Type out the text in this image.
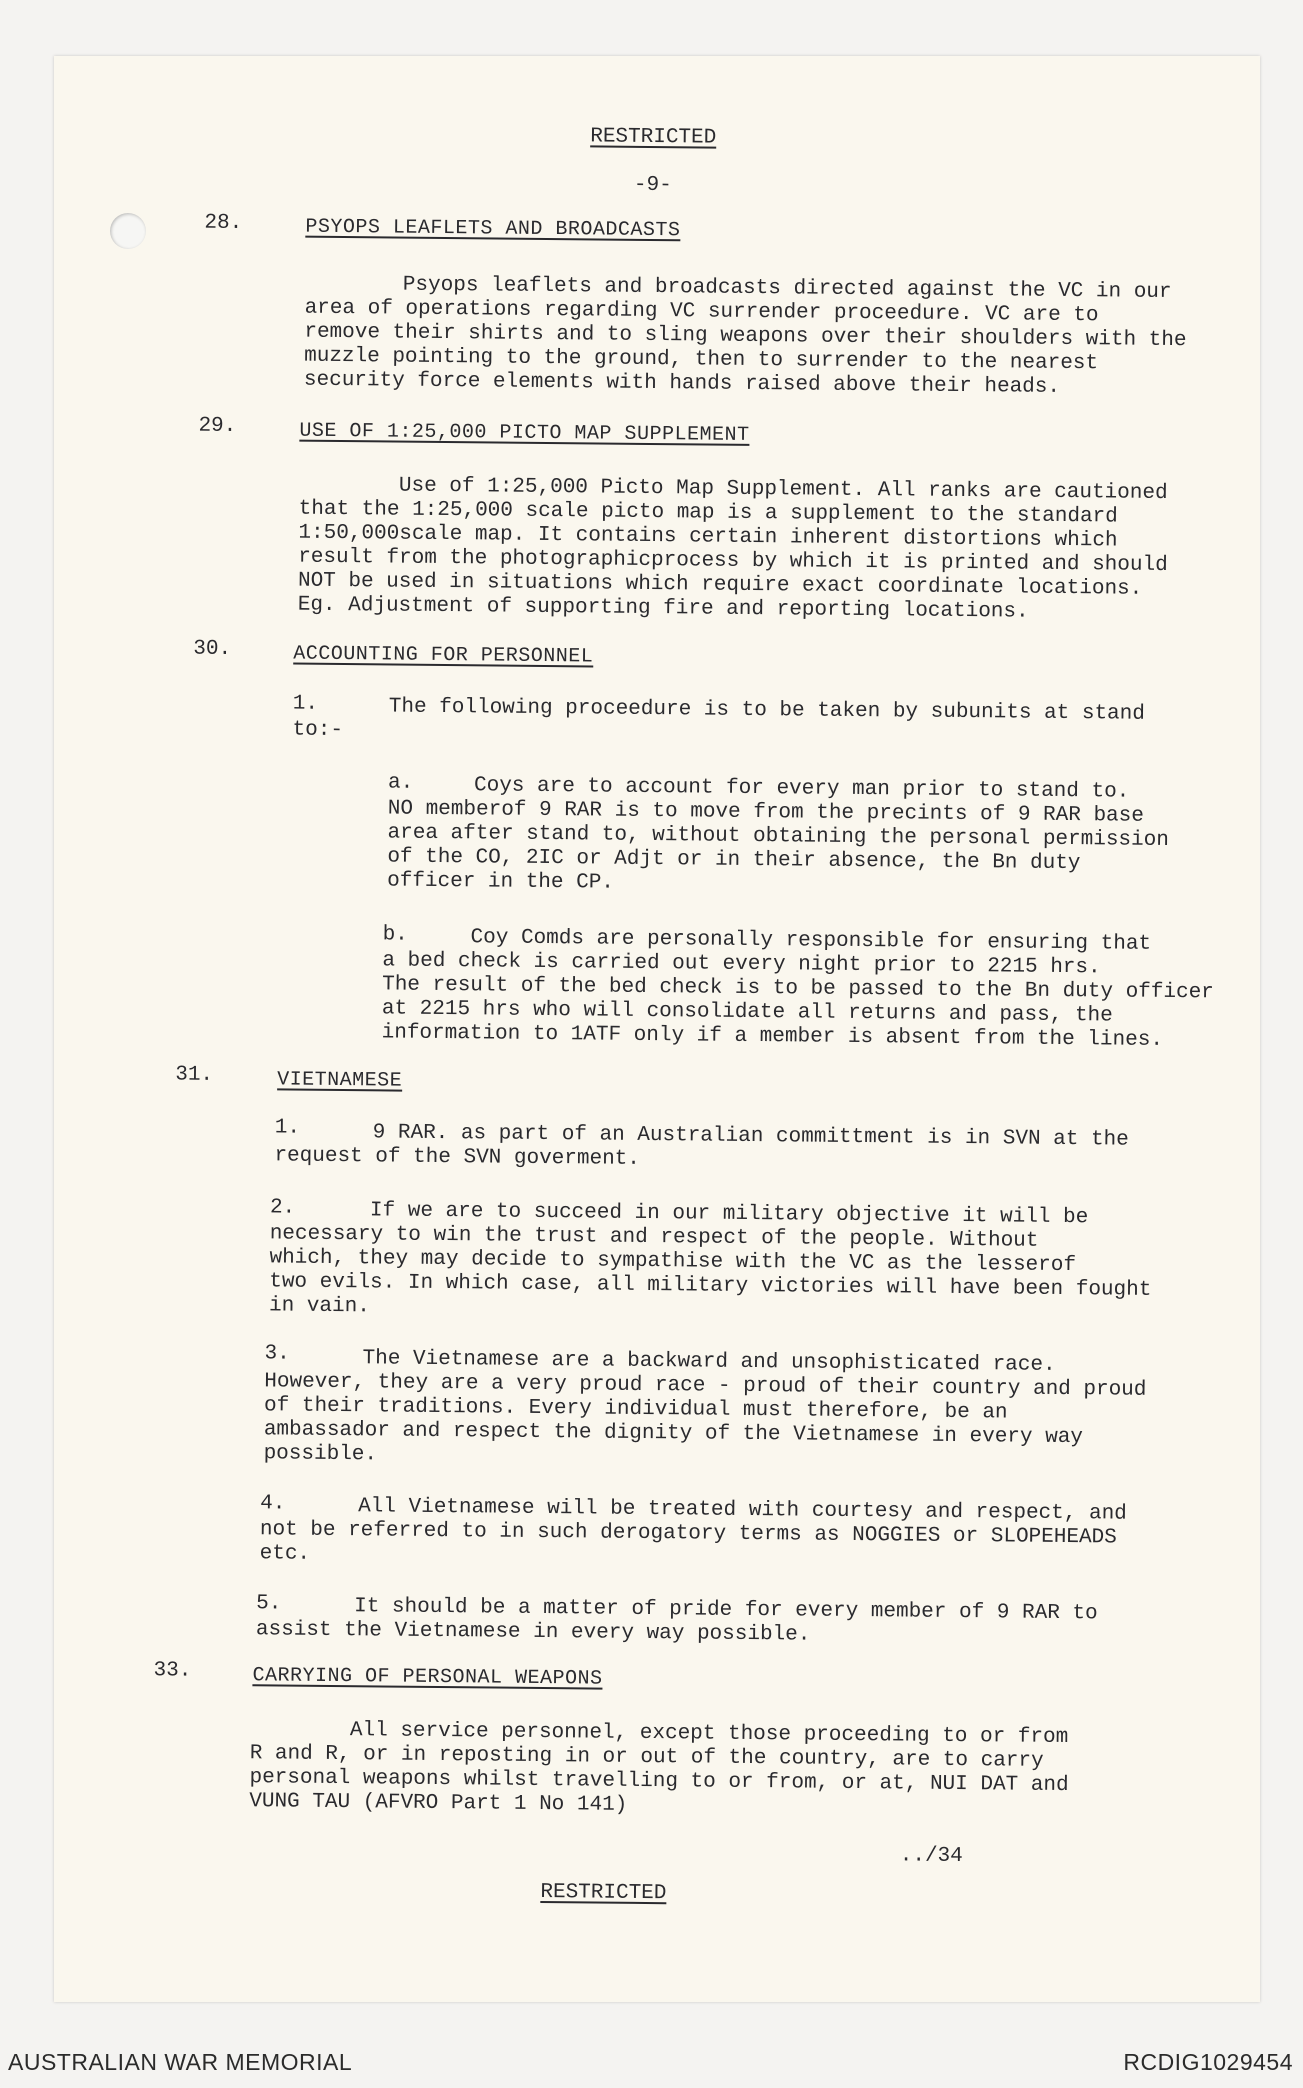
RESTRICTED

-9-

28.	PSYOPS LEAFLETS AND BROADCASTS

Psyops leaflets and broadcasts directed against the VC in our
area of operations regarding VC surrender proceedure. VC are to
remove their shirts and to sling weapons over their shoulders with the
muzzle pointing to the ground, then to surrender to the nearest
security force elements with hands raised above their heads.

29.	USE OF 1:25,000 PICTO MAP SUPPLEMENT

Use of 1:25,000 Picto Map Supplement. All ranks are cautioned
that the 1:25,000 scale picto map is a supplement to the standard
1:50,000scale map. It contains certain inherent distortions which
result from the photographicprocess by which it is printed and should
NOT be used in situations which require exact coordinate locations.
Eg. Adjustment of supporting fire and reporting locations.

30.	ACCOUNTING FOR PERSONNEL

1.	The following proceedure is to be taken by subunits at stand
to:-

a.	Coys are to account for every man prior to stand to.
NO memberof 9 RAR is to move from the precints of 9 RAR base
area after stand to, without obtaining the personal permission
of the CO, 2IC or Adjt or in their absence, the Bn duty
officer in the CP.

b.	Coy Comds are personally responsible for ensuring that
a bed check is carried out every night prior to 2215 hrs.
The result of the bed check is to be passed to the Bn duty officer
at 2215 hrs who will consolidate all returns and pass, the
information to 1ATF only if a member is absent from the lines.

31.	VIETNAMESE

1.	9 RAR. as part of an Australian committment is in SVN at the
request of the SVN goverment.

2.	If we are to succeed in our military objective it will be
necessary to win the trust and respect of the people. Without
which, they may decide to sympathise with the VC as the lesserof
two evils. In which case, all military victories will have been fought
in vain.

3.	The Vietnamese are a backward and unsophisticated race.
However, they are a very proud race - proud of their country and proud
of their traditions. Every individual must therefore, be an
ambassador and respect the dignity of the Vietnamese in every way
possible.

4.	All Vietnamese will be treated with courtesy and respect, and
not be referred to in such derogatory terms as NOGGIES or SLOPEHEADS
etc.

5.	It should be a matter of pride for every member of 9 RAR to
assist the Vietnamese in every way possible.

33.	CARRYING OF PERSONAL WEAPONS

All service personnel, except those proceeding to or from
R and R, or in reposting in or out of the country, are to carry
personal weapons whilst travelling to or from, or at, NUI DAT and
VUNG TAU (AFVRO Part 1 No 141)

../34

RESTRICTED

AUSTRALIAN WAR MEMORIAL	RCDIG1029454
